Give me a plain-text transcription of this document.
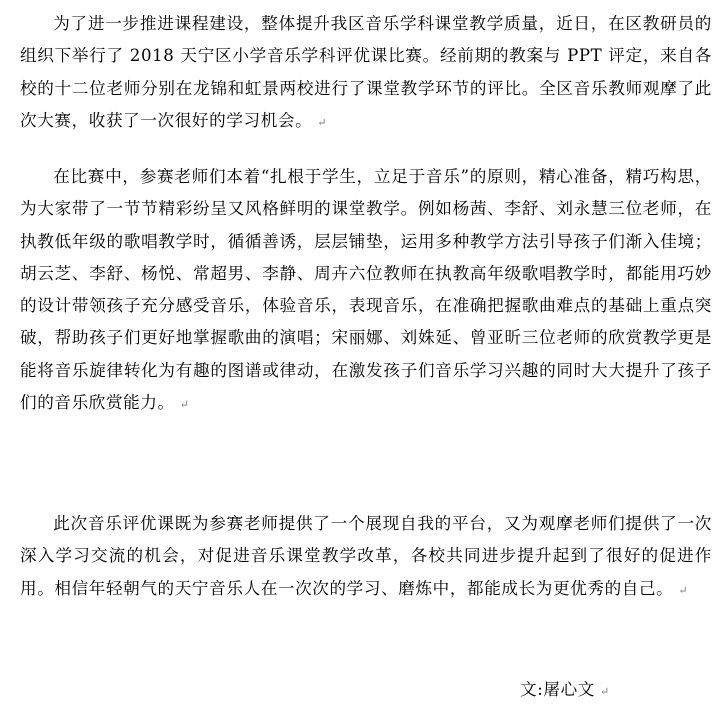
为了进一步推进课程建设，整体提升我区音乐学科课堂教学质量，近日，在区教研员的组织下举行了 2018 天宁区小学音乐学科评优课比赛。经前期的教案与 PPT 评定，来自各校的十二位老师分别在龙锦和虹景两校进行了课堂教学环节的评比。全区音乐教师观摩了此次大赛，收获了一次很好的学习机会。 ↵

在比赛中，参赛老师们本着“扎根于学生，立足于音乐”的原则，精心准备，精巧构思，为大家带了一节节精彩纷呈又风格鲜明的课堂教学。例如杨茜、李舒、刘永慧三位老师，在执教低年级的歌唱教学时，循循善诱，层层铺垫，运用多种教学方法引导孩子们渐入佳境；胡云芝、李舒、杨悦、常超男、李静、周卉六位教师在执教高年级歌唱教学时，都能用巧妙的设计带领孩子充分感受音乐，体验音乐，表现音乐，在准确把握歌曲难点的基础上重点突破，帮助孩子们更好地掌握歌曲的演唱；宋丽娜、刘姝延、曾亚昕三位老师的欣赏教学更是能将音乐旋律转化为有趣的图谱或律动，在激发孩子们音乐学习兴趣的同时大大提升了孩子们的音乐欣赏能力。 ↵

此次音乐评优课既为参赛老师提供了一个展现自我的平台，又为观摩老师们提供了一次深入学习交流的机会，对促进音乐课堂教学改革，各校共同进步提升起到了很好的促进作用。相信年轻朝气的天宁音乐人在一次次的学习、磨炼中，都能成长为更优秀的自己。 ↵

文:屠心文 ↵
